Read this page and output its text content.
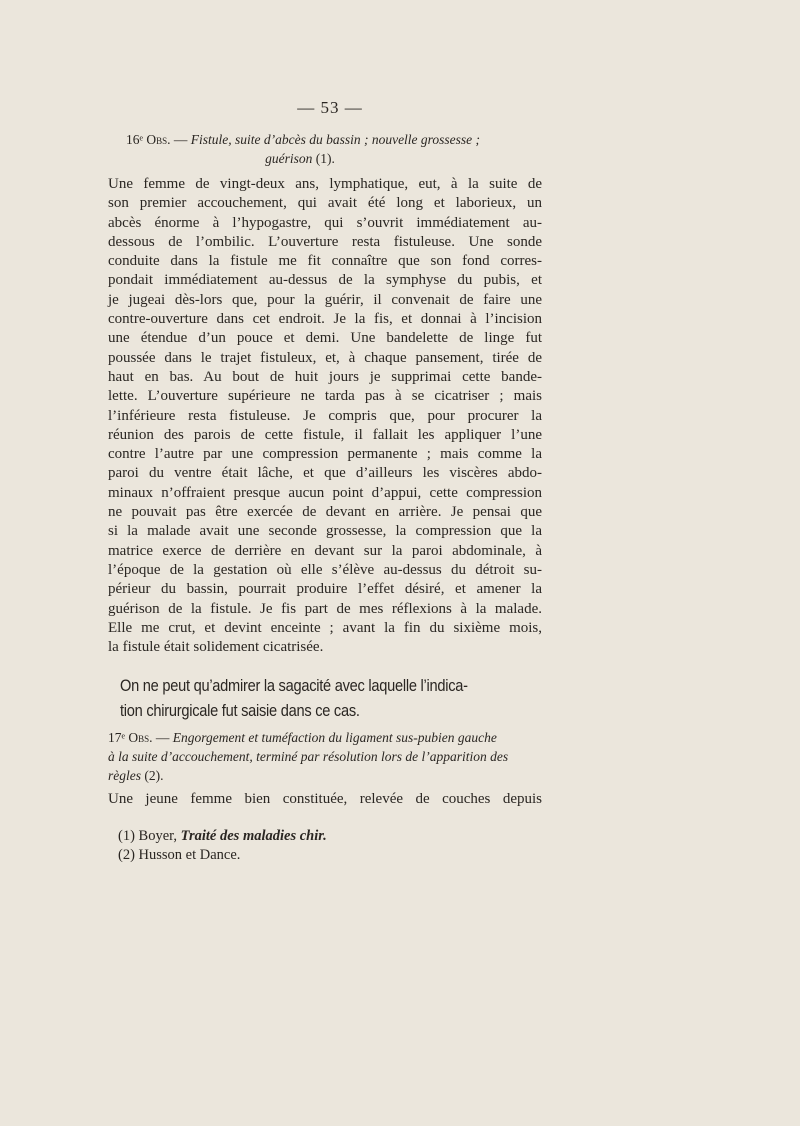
— 53 —
16ᵉ Obs. — Fistule, suite d’abcès du bassin ; nouvelle grossesse ;
guérison (1).
Une femme de vingt-deux ans, lymphatique, eut, à la suite de
son premier accouchement, qui avait été long et laborieux, un
abcès énorme à l’hypogastre, qui s’ouvrit immédiatement au-
dessous de l’ombilic. L’ouverture resta fistuleuse. Une sonde
conduite dans la fistule me fit connaître que son fond corres-
pondait immédiatement au-dessus de la symphyse du pubis, et
je jugeai dès-lors que, pour la guérir, il convenait de faire une
contre-ouverture dans cet endroit. Je la fis, et donnai à l’incision
une étendue d’un pouce et demi. Une bandelette de linge fut
poussée dans le trajet fistuleux, et, à chaque pansement, tirée de
haut en bas. Au bout de huit jours je supprimai cette bande-
lette. L’ouverture supérieure ne tarda pas à se cicatriser ; mais
l’inférieure resta fistuleuse. Je compris que, pour procurer la
réunion des parois de cette fistule, il fallait les appliquer l’une
contre l’autre par une compression permanente ; mais comme la
paroi du ventre était lâche, et que d’ailleurs les viscères abdo-
minaux n’offraient presque aucun point d’appui, cette compression
ne pouvait pas être exercée de devant en arrière. Je pensai que
si la malade avait une seconde grossesse, la compression que la
matrice exerce de derrière en devant sur la paroi abdominale, à
l’époque de la gestation où elle s’élève au-dessus du détroit su-
périeur du bassin, pourrait produire l’effet désiré, et amener la
guérison de la fistule. Je fis part de mes réflexions à la malade.
Elle me crut, et devint enceinte ; avant la fin du sixième mois,
la fistule était solidement cicatrisée.
On ne peut qu’admirer la sagacité avec laquelle l’indica-
tion chirurgicale fut saisie dans ce cas.
17ᵉ Obs. — Engorgement et tuméfaction du ligament sus-pubien gauche
à la suite d’accouchement, terminé par résolution lors de l’apparition des
règles (2).
Une jeune femme bien constituée, relevée de couches depuis
(1) Boyer, Traité des maladies chir.
(2) Husson et Dance.
